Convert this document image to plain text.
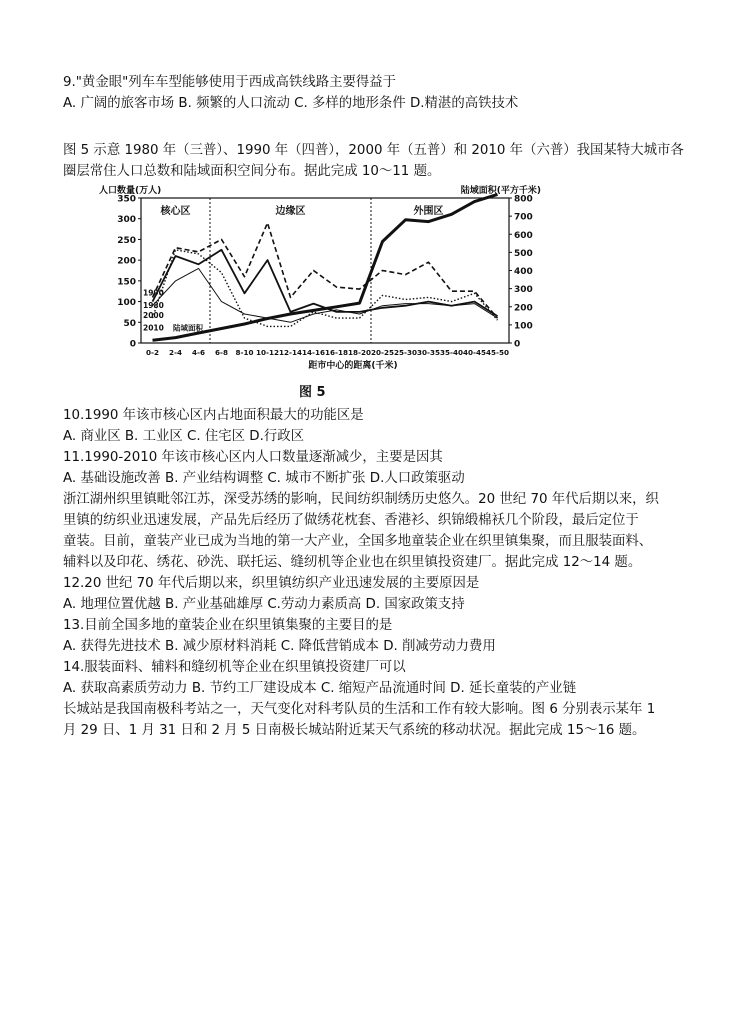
9."黄金眼"列车车型能够使用于西成高铁线路主要得益于
A. 广阔的旅客市场 B. 频繁的人口流动 C. 多样的地形条件 D.精湛的高铁技术
图 5 示意 1980 年（三普）、1990 年（四普），2000 年（五普）和 2010 年（六普）我国某特大城市各
圈层常住人口总数和陆域面积空间分布。据此完成 10～11 题。
0
50
100
150
200
250
300
350
0
100
200
300
400
500
600
700
800
人口数量(万人)	陆域面积(平方千米)
0-2 2-4 4-6 6-8 8-10 10-12 12-14 14-16 16-18 18-20 20-25 25-30 30-35 35-40 40-45 45-50
距市中心的距离(千米)
核心区	边缘区	外围区
1990
1980
2000
2010 陆域面积
图 5
10.1990 年该市核心区内占地面积最大的功能区是
A. 商业区 B. 工业区 C. 住宅区 D.行政区
11.1990-2010 年该市核心区内人口数量逐渐减少，主要是因其
A. 基础设施改善 B. 产业结构调整 C. 城市不断扩张 D.人口政策驱动
浙江湖州织里镇毗邻江苏，深受苏绣的影响，民间纺织制绣历史悠久。20 世纪 70 年代后期以来，织
里镇的纺织业迅速发展，产品先后经历了做绣花枕套、香港衫、织锦缎棉袄几个阶段，最后定位于
童装。目前，童装产业已成为当地的第一大产业，全国多地童装企业在织里镇集聚，而且服装面料、
辅料以及印花、绣花、砂洗、联托运、缝纫机等企业也在织里镇投资建厂。据此完成 12～14 题。
12.20 世纪 70 年代后期以来，织里镇纺织产业迅速发展的主要原因是
A. 地理位置优越 B. 产业基础雄厚 C.劳动力素质高 D. 国家政策支持
13.目前全国多地的童装企业在织里镇集聚的主要目的是
A. 获得先进技术 B. 减少原材料消耗 C. 降低营销成本 D. 削减劳动力费用
14.服装面料、辅料和缝纫机等企业在织里镇投资建厂可以
A. 获取高素质劳动力 B. 节约工厂建设成本 C. 缩短产品流通时间 D. 延长童装的产业链
长城站是我国南极科考站之一，天气变化对科考队员的生活和工作有较大影响。图 6 分别表示某年 1
月 29 日、1 月 31 日和 2 月 5 日南极长城站附近某天气系统的移动状况。据此完成 15～16 题。
